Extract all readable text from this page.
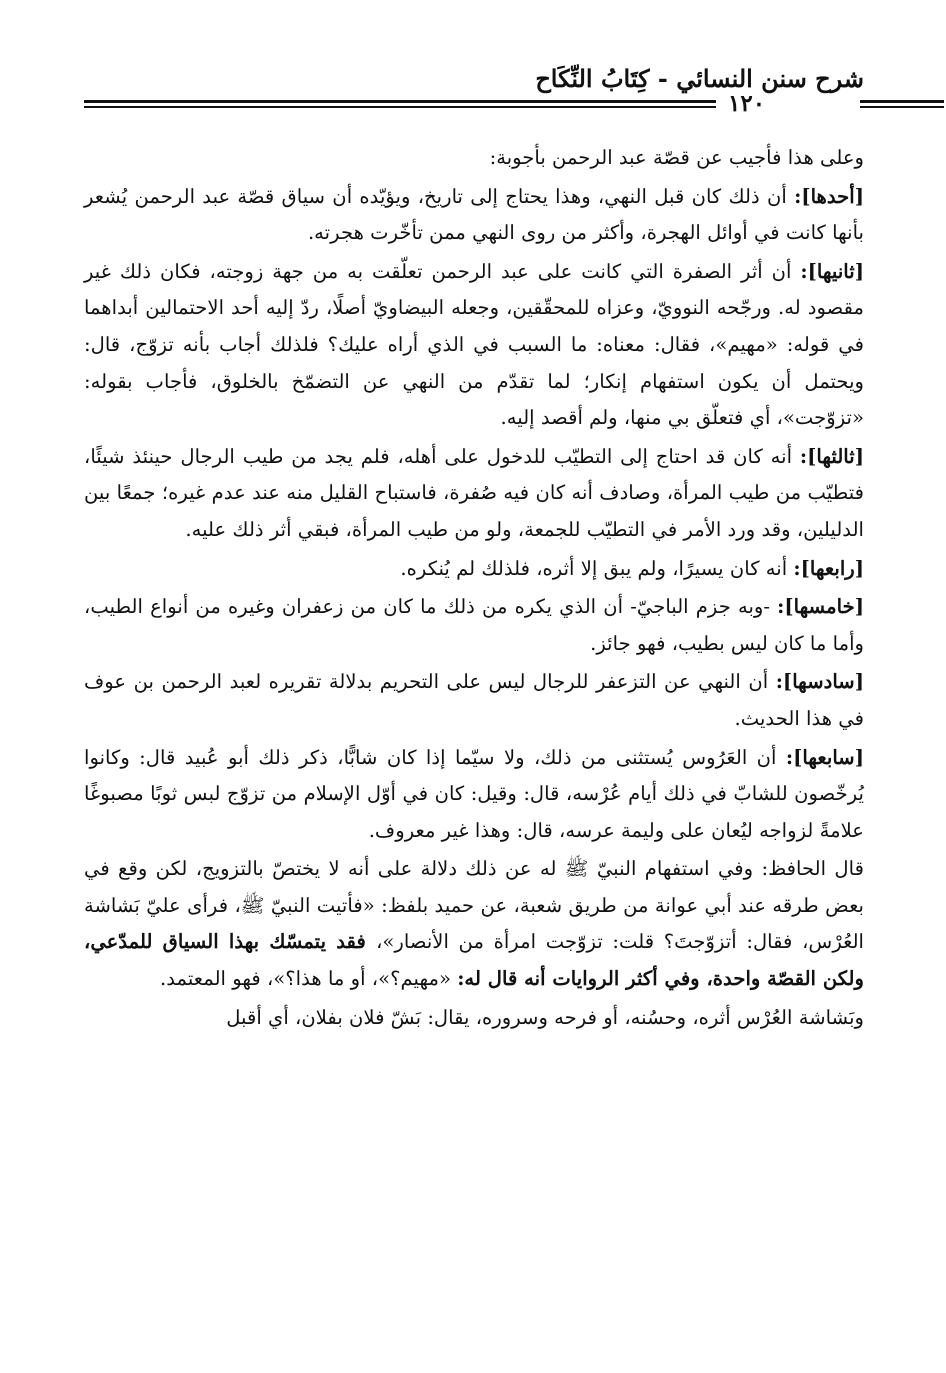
شرح سنن النسائي - كِتَابُ النِّكَاح
١٢٠

وعلى هذا فأجيب عن قصّة عبد الرحمن بأجوبة:

[أحدها]: أن ذلك كان قبل النهي، وهذا يحتاج إلى تاريخ، ويؤيّده أن سياق قصّة عبد الرحمن يُشعر بأنها كانت في أوائل الهجرة، وأكثر من روى النهي ممن تأخّرت هجرته.

[ثانيها]: أن أثر الصفرة التي كانت على عبد الرحمن تعلّقت به من جهة زوجته، فكان ذلك غير مقصود له. ورجّحه النوويّ، وعزاه للمحقّقين، وجعله البيضاويّ أصلًا، ردّ إليه أحد الاحتمالين أبداهما في قوله: «مهيم»، فقال: معناه: ما السبب في الذي أراه عليك؟ فلذلك أجاب بأنه تزوّج، قال: ويحتمل أن يكون استفهام إنكار؛ لما تقدّم من النهي عن التضمّخ بالخلوق، فأجاب بقوله: «تزوّجت»، أي فتعلّق بي منها، ولم أقصد إليه.

[ثالثها]: أنه كان قد احتاج إلى التطيّب للدخول على أهله، فلم يجد من طيب الرجال حينئذ شيئًا، فتطيّب من طيب المرأة، وصادف أنه كان فيه صُفرة، فاستباح القليل منه عند عدم غيره؛ جمعًا بين الدليلين، وقد ورد الأمر في التطيّب للجمعة، ولو من طيب المرأة، فبقي أثر ذلك عليه.

[رابعها]: أنه كان يسيرًا، ولم يبق إلا أثره، فلذلك لم يُنكره.

[خامسها]: -وبه جزم الباجيّ- أن الذي يكره من ذلك ما كان من زعفران وغيره من أنواع الطيب، وأما ما كان ليس بطيب، فهو جائز.

[سادسها]: أن النهي عن التزعفر للرجال ليس على التحريم بدلالة تقريره لعبد الرحمن بن عوف في هذا الحديث.

[سابعها]: أن العَرُوس يُستثنى من ذلك، ولا سيّما إذا كان شابًّا، ذكر ذلك أبو عُبيد قال: وكانوا يُرخّصون للشابّ في ذلك أيام عُرْسه، قال: وقيل: كان في أوّل الإسلام من تزوّج لبس ثوبًا مصبوغًا علامةً لزواجه ليُعان على وليمة عرسه، قال: وهذا غير معروف.

قال الحافظ: وفي استفهام النبيّ ﷺ له عن ذلك دلالة على أنه لا يختصّ بالتزويج، لكن وقع في بعض طرقه عند أبي عوانة من طريق شعبة، عن حميد بلفظ: «فأتيت النبيّ ﷺ، فرأى عليّ بَشاشة العُرْس، فقال: أتزوّجتَ؟ قلت: تزوّجت امرأة من الأنصار»، فقد يتمسّك بهذا السياق للمدّعي، ولكن القصّة واحدة، وفي أكثر الروايات أنه قال له: «مهيم؟»، أو ما هذا؟»، فهو المعتمد.

وبَشاشة العُرْس أثره، وحسُنه، أو فرحه وسروره، يقال: بَشّ فلان بفلان، أي أقبل
